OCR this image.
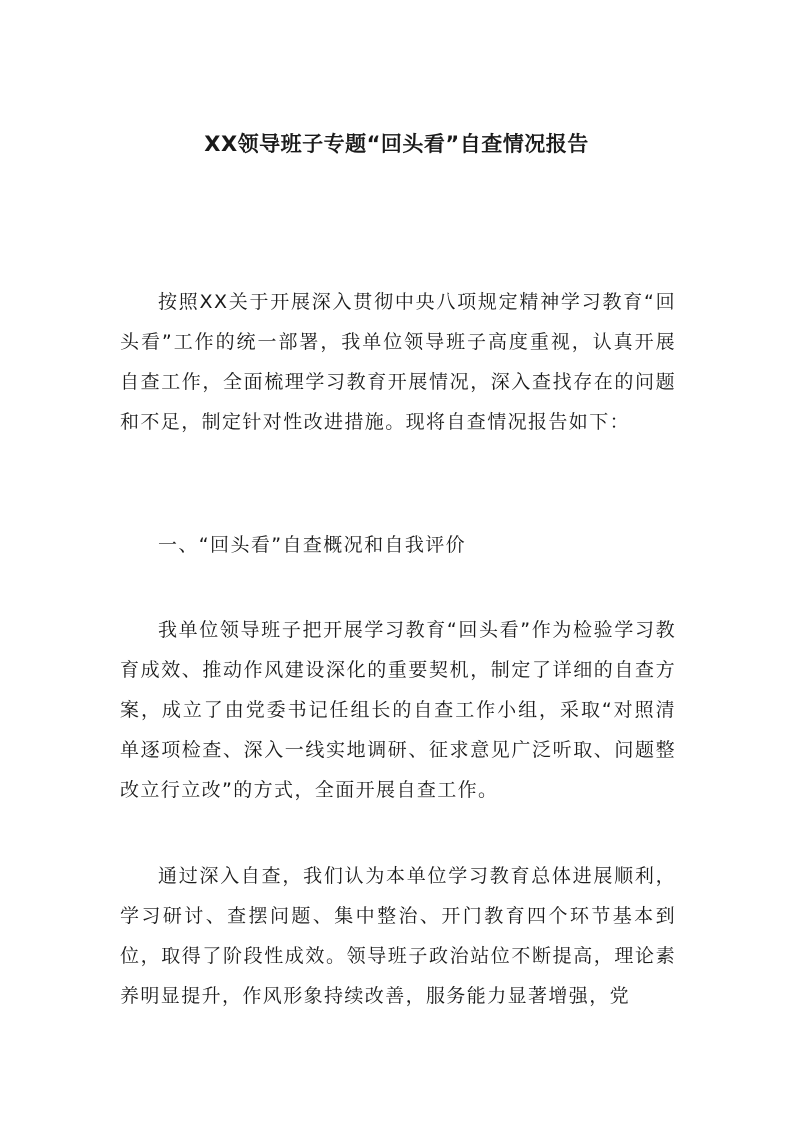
XX领导班子专题“回头看”自查情况报告

按照XX关于开展深入贯彻中央八项规定精神学习教育“回头看”工作的统一部署，我单位领导班子高度重视，认真开展自查工作，全面梳理学习教育开展情况，深入查找存在的问题和不足，制定针对性改进措施。现将自查情况报告如下：

一、“回头看”自查概况和自我评价

我单位领导班子把开展学习教育“回头看”作为检验学习教育成效、推动作风建设深化的重要契机，制定了详细的自查方案，成立了由党委书记任组长的自查工作小组，采取“对照清单逐项检查、深入一线实地调研、征求意见广泛听取、问题整改立行立改”的方式，全面开展自查工作。

通过深入自查，我们认为本单位学习教育总体进展顺利，学习研讨、查摆问题、集中整治、开门教育四个环节基本到位，取得了阶段性成效。领导班子政治站位不断提高，理论素养明显提升，作风形象持续改善，服务能力显著增强，党
